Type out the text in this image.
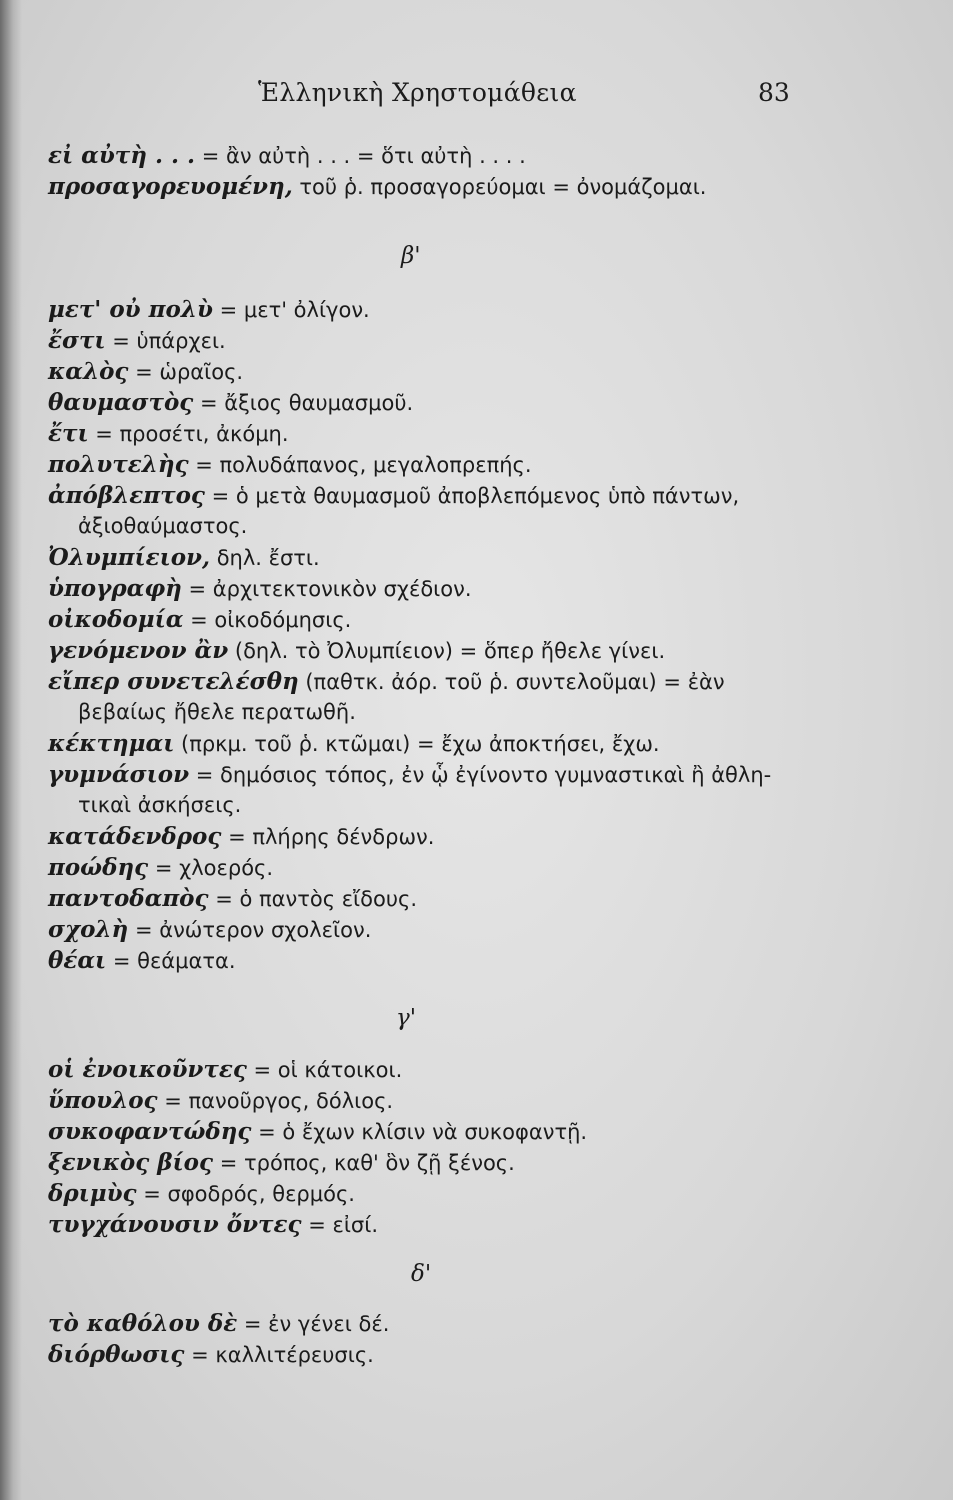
Ἑλληνικὴ Χρηστομάθεια	83
εἰ αὐτὴ . . . = ἂν αὐτὴ . . . = ὅτι αὐτὴ . . . .
προσαγορευομένη, τοῦ ῥ. προσαγορεύομαι = ὀνομάζομαι.
β'
μετ' οὐ πολὺ = μετ' ὀλίγον.
ἔστι = ὑπάρχει.
καλὸς = ὡραῖος.
θαυμαστὸς = ἄξιος θαυμασμοῦ.
ἔτι = προσέτι, ἀκόμη.
πολυτελὴς = πολυδάπανος, μεγαλοπρεπής.
ἀπόβλεπτος = ὁ μετὰ θαυμασμοῦ ἀποβλεπόμενος ὑπὸ πάντων,
ἀξιοθαύμαστος.
Ὀλυμπίειον, δηλ. ἔστι.
ὑπογραφὴ = ἀρχιτεκτονικὸν σχέδιον.
οἰκοδομία = οἰκοδόμησις.
γενόμενον ἂν (δηλ. τὸ Ὀλυμπίειον) = ὅπερ ἤθελε γίνει.
εἴπερ συνετελέσθη (παθτκ. ἀόρ. τοῦ ῥ. συντελοῦμαι) = ἐὰν
βεβαίως ἤθελε περατωθῆ.
κέκτημαι (πρκμ. τοῦ ῥ. κτῶμαι) = ἔχω ἀποκτήσει, ἔχω.
γυμνάσιον = δημόσιος τόπος, ἐν ᾧ ἐγίνοντο γυμναστικαὶ ἢ ἀθλη-
τικαὶ ἀσκήσεις.
κατάδενδρος = πλήρης δένδρων.
ποώδης = χλοερός.
παντοδαπὸς = ὁ παντὸς εἴδους.
σχολὴ = ἀνώτερον σχολεῖον.
θέαι = θεάματα.
γ'
οἱ ἐνοικοῦντες = οἱ κάτοικοι.
ὕπουλος = πανοῦργος, δόλιος.
συκοφαντώδης = ὁ ἔχων κλίσιν νὰ συκοφαντῇ.
ξενικὸς βίος = τρόπος, καθ' ὃν ζῇ ξένος.
δριμὺς = σφοδρός, θερμός.
τυγχάνουσιν ὄντες = εἰσί.
δ'
τὸ καθόλου δὲ = ἐν γένει δέ.
διόρθωσις = καλλιτέρευσις.
